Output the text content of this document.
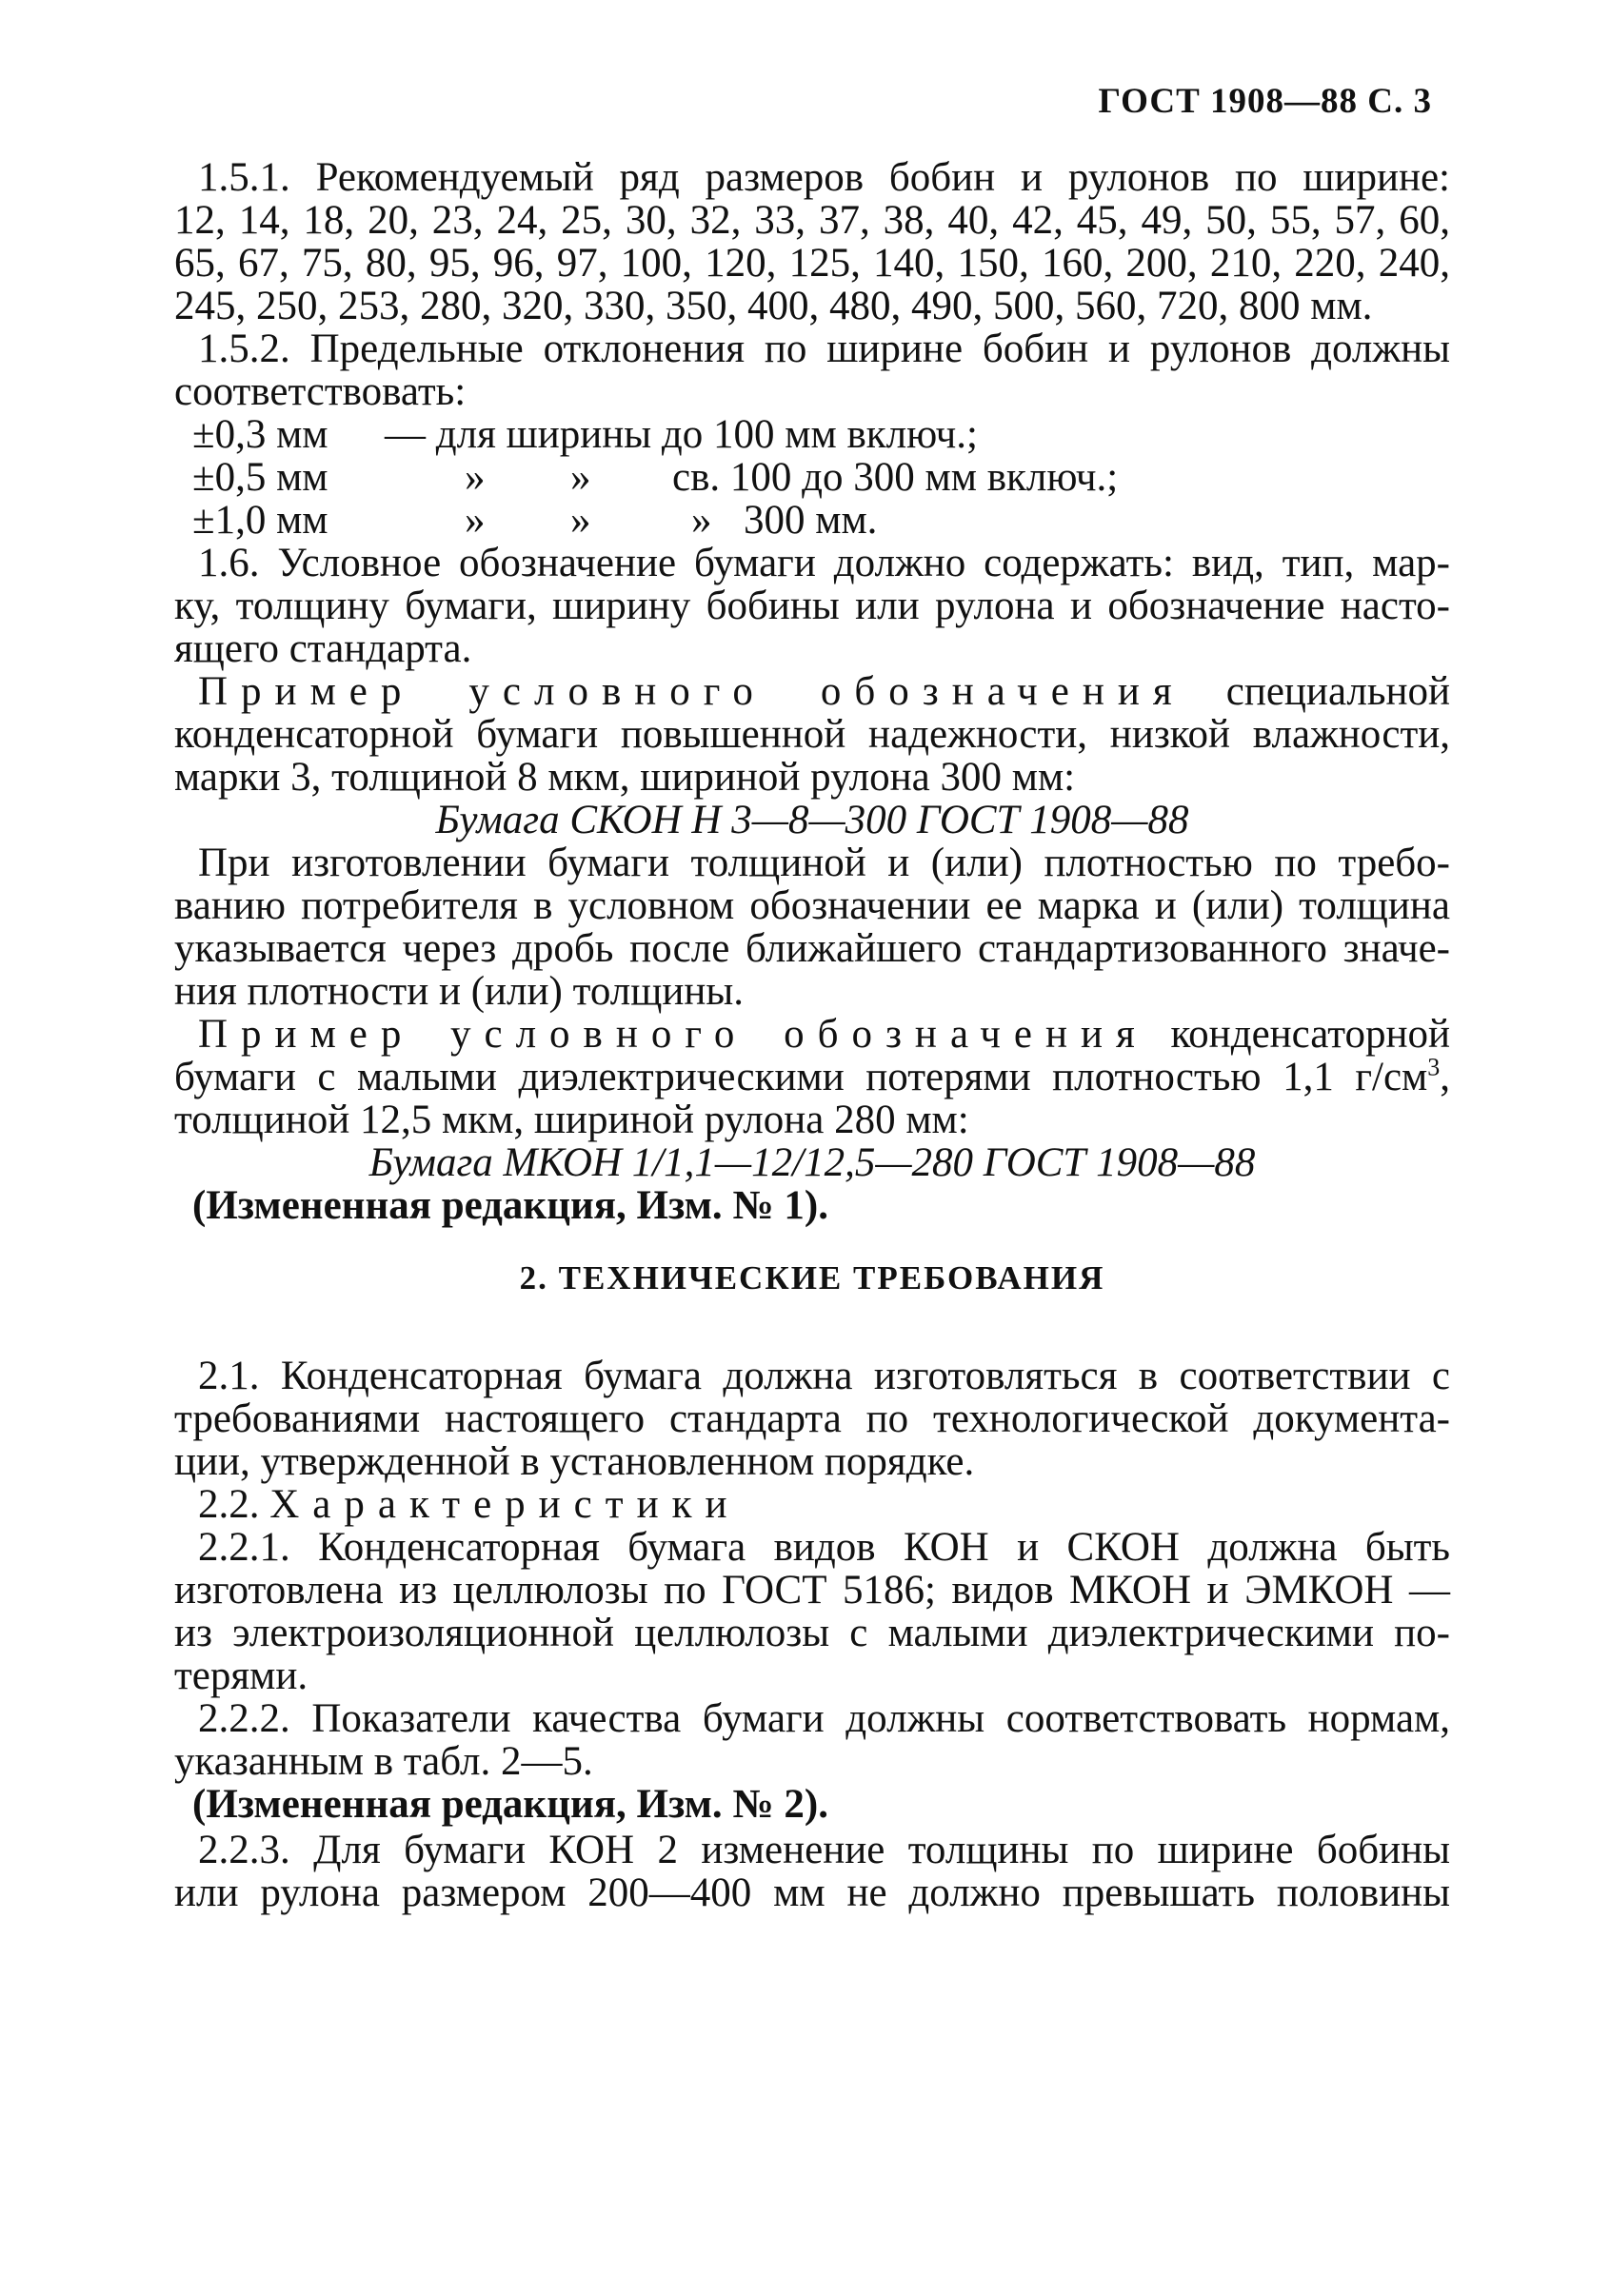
ГОСТ 1908—88 С. 3
1.5.1. Рекомендуемый ряд размеров бобин и рулонов по ширине:
12, 14, 18, 20, 23, 24, 25, 30, 32, 33, 37, 38, 40, 42, 45, 49, 50, 55, 57, 60,
65, 67, 75, 80, 95, 96, 97, 100, 120, 125, 140, 150, 160, 200, 210, 220, 240,
245, 250, 253, 280, 320, 330, 350, 400, 480, 490, 500, 560, 720, 800 мм.
1.5.2. Предельные отклонения по ширине бобин и рулонов должны
соответствовать:
±0,3 мм — для ширины до 100 мм включ.;
±0,5 мм	» » св. 100 до 300 мм включ.;
±1,0 мм	» » » 300 мм.
1.6. Условное обозначение бумаги должно содержать: вид, тип, мар-
ку, толщину бумаги, ширину бобины или рулона и обозначение насто-
ящего стандарта.
Пример условного обозначения специальной
конденсаторной бумаги повышенной надежности, низкой влажности,
марки 3, толщиной 8 мкм, шириной рулона 300 мм:
Бумага СКОН Н 3—8—300 ГОСТ 1908—88
При изготовлении бумаги толщиной и (или) плотностью по требо-
ванию потребителя в условном обозначении ее марка и (или) толщина
указывается через дробь после ближайшего стандартизованного значе-
ния плотности и (или) толщины.
Пример условного обозначения конденсаторной
бумаги с малыми диэлектрическими потерями плотностью 1,1 $г/см^3$,
толщиной 12,5 мкм, шириной рулона 280 мм:
Бумага МКОН 1/1,1—12/12,5—280 ГОСТ 1908—88
(Измененная редакция, Изм. № 1).
2. ТЕХНИЧЕСКИЕ ТРЕБОВАНИЯ
2.1. Конденсаторная бумага должна изготовляться в соответствии с
требованиями настоящего стандарта по технологической документа-
ции, утвержденной в установленном порядке.
2.2. Характеристики
2.2.1. Конденсаторная бумага видов КОН и СКОН должна быть
изготовлена из целлюлозы по ГОСТ 5186; видов МКОН и ЭМКОН —
из электроизоляционной целлюлозы с малыми диэлектрическими по-
терями.
2.2.2. Показатели качества бумаги должны соответствовать нормам,
указанным в табл. 2—5.
(Измененная редакция, Изм. № 2).
2.2.3. Для бумаги КОН 2 изменение толщины по ширине бобины
или рулона размером 200—400 мм не должно превышать половины
